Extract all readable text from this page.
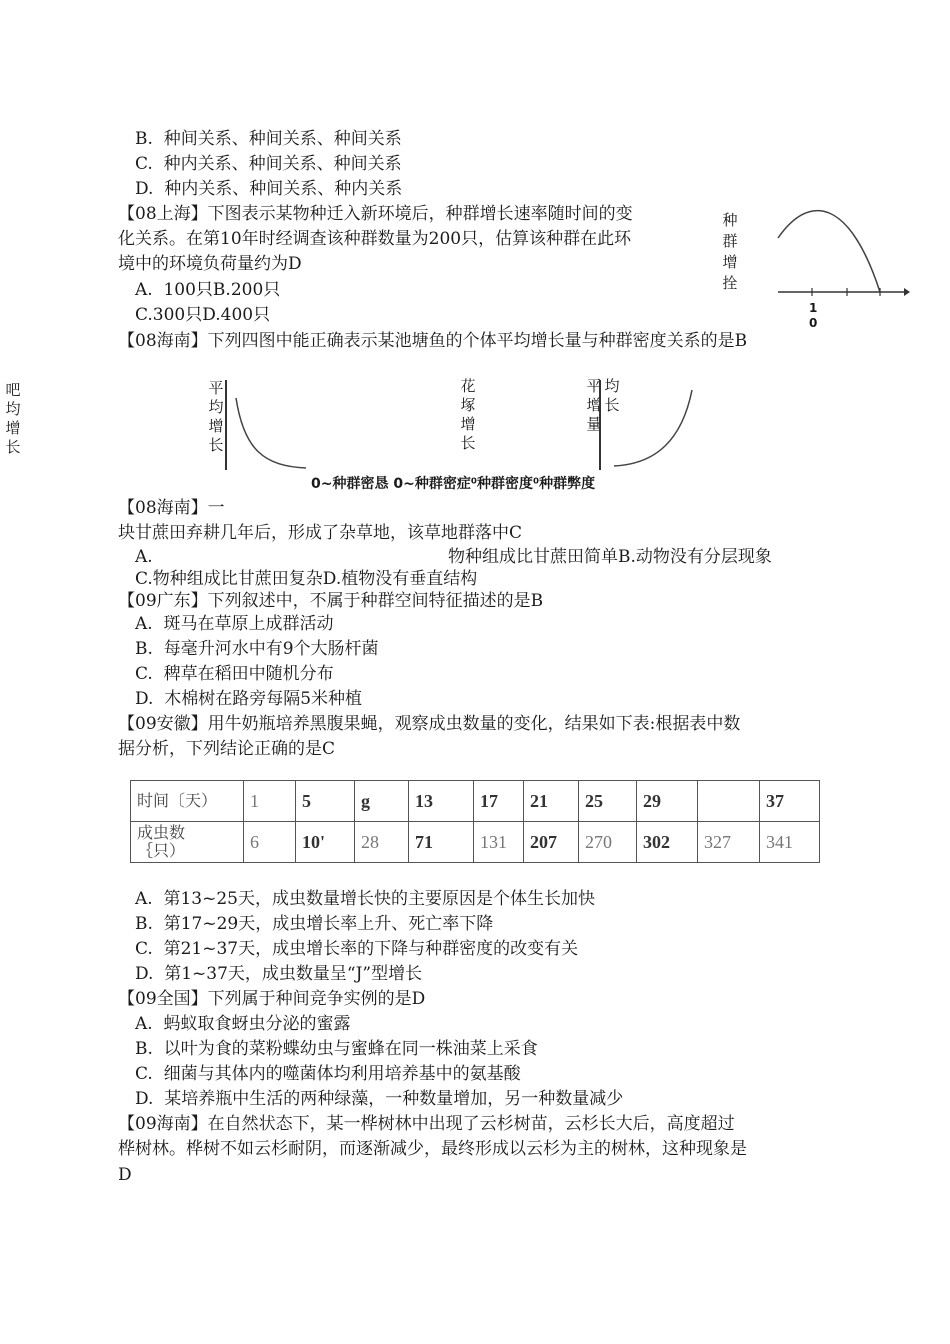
B.  种间关系、种间关系、种间关系
C.  种内关系、种间关系、种间关系
D.  种内关系、种间关系、种内关系
【08上海】下图表示某物种迁入新环境后，种群增长速率随时间的变
化关系。在第10年时经调查该种群数量为200只，估算该种群在此环
境中的环境负荷量约为D
A.  100只B.200只
C.300只D.400只
【08海南】下列四图中能正确表示某池塘鱼的个体平均增长量与种群密度关系的是B
种
群
增
拴
1
0
吧
均
增
长
平
均
增
长
花
塚
增
长
平
增
量
均
长
0~种群密恳 0~种群密症⁰种群密度⁰种群弊度
【08海南】一
块甘蔗田弃耕几年后，形成了杂草地，该草地群落中C
A.	物种组成比甘蔗田简单B.动物没有分层现象
C.物种组成比甘蔗田复杂D.植物没有垂直结构
【09广东】下列叙述中，不属于种群空间特征描述的是B
A.  斑马在草原上成群活动
B.  每毫升河水中有9个大肠杆菌
C.  稗草在稻田中随机分布
D.  木棉树在路旁每隔5米种植
【09安徽】用牛奶瓶培养黑腹果蝇，观察成虫数量的变化，结果如下表:根据表中数
据分析，下列结论正确的是C
时间〔天）	1	5	g	13	17	21	25	29		37
成虫数
｛只）	6	10'	28	71	131	207	270	302	327	341
A.  第13~25天，成虫数量增长快的主要原因是个体生长加快
B.  第17~29天，成虫增长率上升、死亡率下降
C.  第21~37天，成虫增长率的下降与种群密度的改变有关
D.  第1~37天，成虫数量呈“J”型增长
【09全国】下列属于种间竞争实例的是D
A.  蚂蚁取食蚜虫分泌的蜜露
B.  以叶为食的菜粉蝶幼虫与蜜蜂在同一株油菜上采食
C.  细菌与其体内的噬菌体均利用培养基中的氨基酸
D.  某培养瓶中生活的两种绿藻，一种数量增加，另一种数量减少
【09海南】在自然状态下，某一桦树林中出现了云杉树苗，云杉长大后，高度超过
桦树林。桦树不如云杉耐阴，而逐渐减少，最终形成以云杉为主的树林，这种现象是
D
